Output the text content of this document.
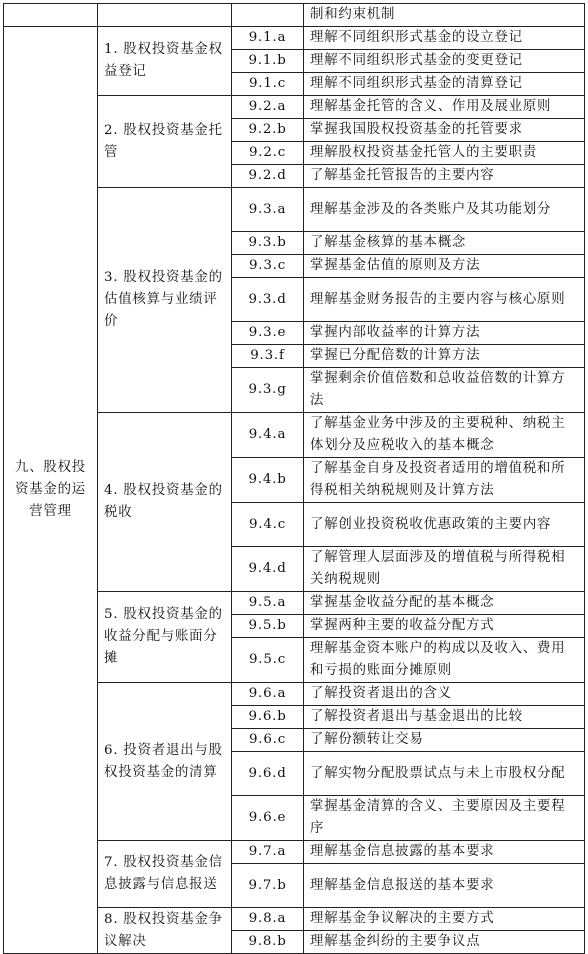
			制和约束机制
九、股权投资基金的运营管理	1. 股权投资基金权益登记	9.1.a	理解不同组织形式基金的设立登记
		9.1.b	理解不同组织形式基金的变更登记
		9.1.c	理解不同组织形式基金的清算登记
	2. 股权投资基金托管	9.2.a	理解基金托管的含义、作用及展业原则
		9.2.b	掌握我国股权投资基金的托管要求
		9.2.c	理解股权投资基金托管人的主要职责
		9.2.d	了解基金托管报告的主要内容
	3. 股权投资基金的估值核算与业绩评价	9.3.a	理解基金涉及的各类账户及其功能划分
		9.3.b	了解基金核算的基本概念
		9.3.c	掌握基金估值的原则及方法
		9.3.d	理解基金财务报告的主要内容与核心原则
		9.3.e	掌握内部收益率的计算方法
		9.3.f	掌握已分配倍数的计算方法
		9.3.g	掌握剩余价值倍数和总收益倍数的计算方法
	4. 股权投资基金的税收	9.4.a	了解基金业务中涉及的主要税种、纳税主体划分及应税收入的基本概念
		9.4.b	了解基金自身及投资者适用的增值税和所得税相关纳税规则及计算方法
		9.4.c	了解创业投资税收优惠政策的主要内容
		9.4.d	了解管理人层面涉及的增值税与所得税相关纳税规则
	5. 股权投资基金的收益分配与账面分摊	9.5.a	掌握基金收益分配的基本概念
		9.5.b	掌握两种主要的收益分配方式
		9.5.c	理解基金资本账户的构成以及收入、费用和亏损的账面分摊原则
	6. 投资者退出与股权投资基金的清算	9.6.a	了解投资者退出的含义
		9.6.b	了解投资者退出与基金退出的比较
		9.6.c	了解份额转让交易
		9.6.d	了解实物分配股票试点与未上市股权分配
		9.6.e	掌握基金清算的含义、主要原因及主要程序
	7. 股权投资基金信息披露与信息报送	9.7.a	理解基金信息披露的基本要求
		9.7.b	理解基金信息报送的基本要求
	8. 股权投资基金争议解决	9.8.a	理解基金争议解决的主要方式
		9.8.b	理解基金纠纷的主要争议点
